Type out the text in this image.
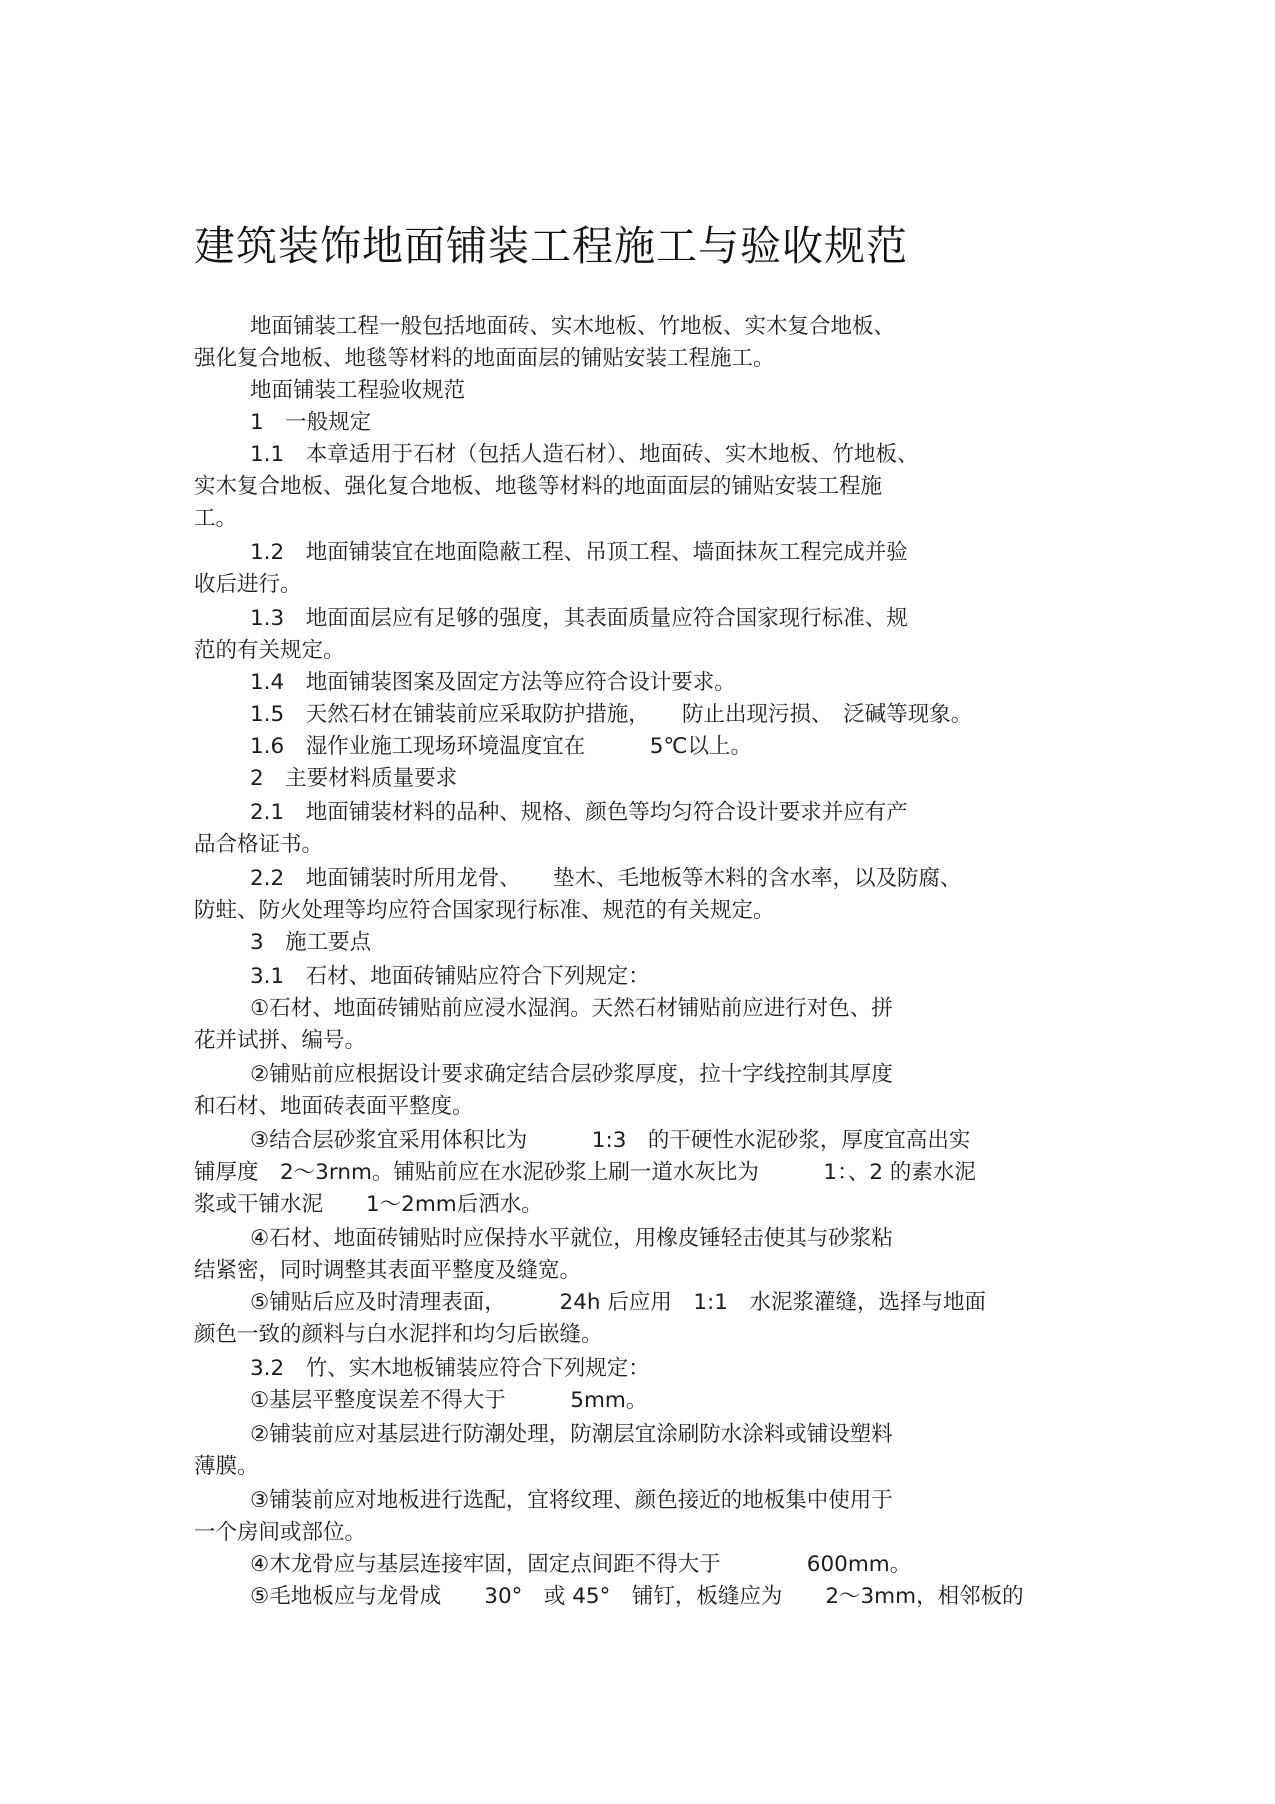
建筑装饰地面铺装工程施工与验收规范
地面铺装工程一般包括地面砖、实木地板、竹地板、实木复合地板、
强化复合地板、地毯等材料的地面面层的铺贴安装工程施工。
地面铺装工程验收规范
1　一般规定
1.1　本章适用于石材（包括人造石材）、地面砖、实木地板、竹地板、
实木复合地板、强化复合地板、地毯等材料的地面面层的铺贴安装工程施
工。
1.2　地面铺装宜在地面隐蔽工程、吊顶工程、墙面抹灰工程完成并验
收后进行。
1.3　地面面层应有足够的强度，其表面质量应符合国家现行标准、规
范的有关规定。
1.4　地面铺装图案及固定方法等应符合设计要求。
1.5　天然石材在铺装前应采取防护措施，　　防止出现污损、　泛碱等现象。
1.6　湿作业施工现场环境温度宜在　　　5℃以上。
2　主要材料质量要求
2.1　地面铺装材料的品种、规格、颜色等均匀符合设计要求并应有产
品合格证书。
2.2　地面铺装时所用龙骨、　　垫木、毛地板等木料的含水率，以及防腐、
防蛀、防火处理等均应符合国家现行标准、规范的有关规定。
3　施工要点
3.1　石材、地面砖铺贴应符合下列规定：
①石材、地面砖铺贴前应浸水湿润。天然石材铺贴前应进行对色、拼
花并试拼、编号。
②铺贴前应根据设计要求确定结合层砂浆厚度，拉十字线控制其厚度
和石材、地面砖表面平整度。
③结合层砂浆宜采用体积比为　　　1:3　的干硬性水泥砂浆，厚度宜高出实
铺厚度　2～3rnm。铺贴前应在水泥砂浆上刷一道水灰比为　　　1：、2 的素水泥
浆或干铺水泥　　1～2mm后洒水。
④石材、地面砖铺贴时应保持水平就位，用橡皮锤轻击使其与砂浆粘
结紧密，同时调整其表面平整度及缝宽。
⑤铺贴后应及时清理表面，　　　24h 后应用　1:1　水泥浆灌缝，选择与地面
颜色一致的颜料与白水泥拌和均匀后嵌缝。
3.2　竹、实木地板铺装应符合下列规定：
①基层平整度误差不得大于　　　5mm。
②铺装前应对基层进行防潮处理，防潮层宜涂刷防水涂料或铺设塑料
薄膜。
③铺装前应对地板进行选配，宜将纹理、颜色接近的地板集中使用于
一个房间或部位。
④木龙骨应与基层连接牢固，固定点间距不得大于　　　　600mm。
⑤毛地板应与龙骨成　　30°　或 45°　铺钉，板缝应为　　2～3mm，相邻板的
